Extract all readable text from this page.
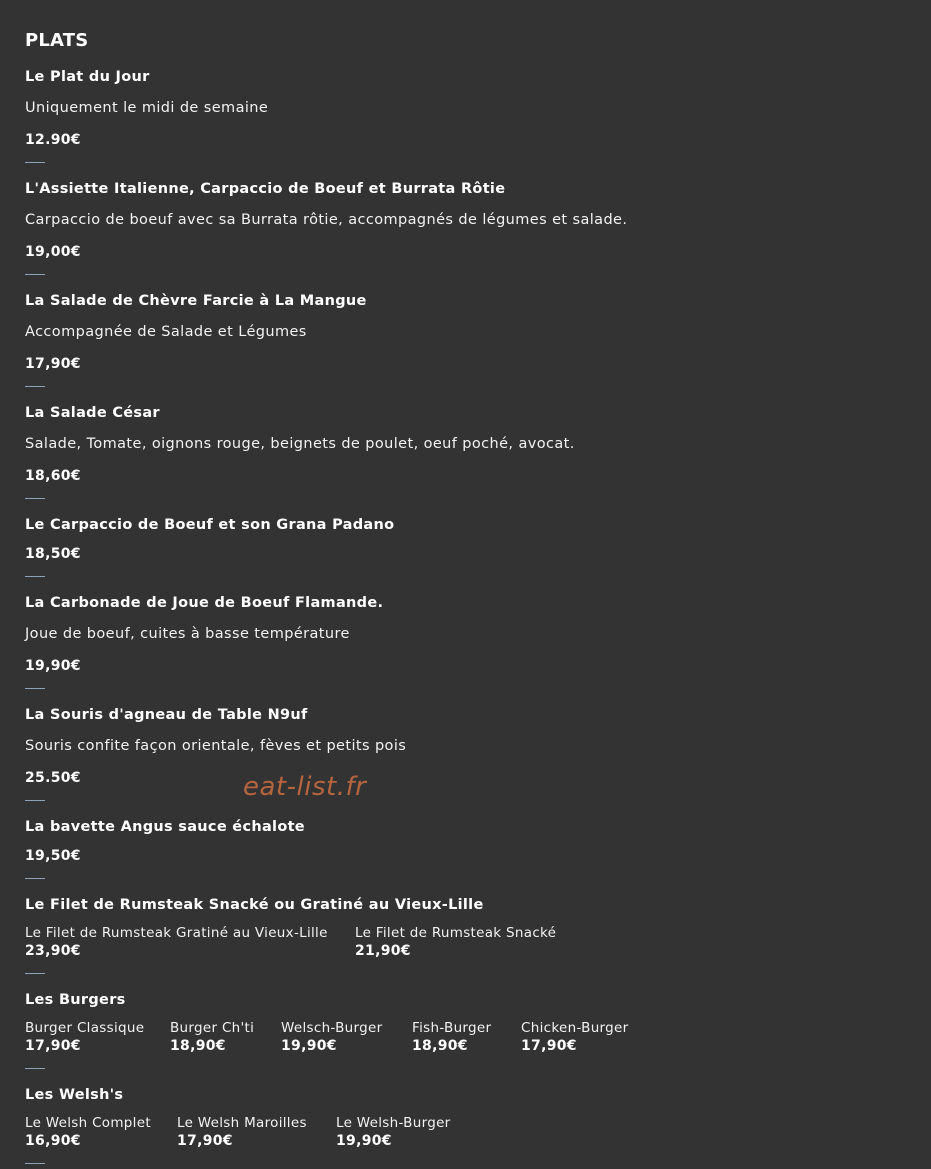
PLATS
Le Plat du Jour
Uniquement le midi de semaine
12.90€
L'Assiette Italienne, Carpaccio de Boeuf et Burrata Rôtie
Carpaccio de boeuf avec sa Burrata rôtie, accompagnés de légumes et salade.
19,00€
La Salade de Chèvre Farcie à La Mangue
Accompagnée de Salade et Légumes
17,90€
La Salade César
Salade, Tomate, oignons rouge, beignets de poulet, oeuf poché, avocat.
18,60€
Le Carpaccio de Boeuf et son Grana Padano
18,50€
La Carbonade de Joue de Boeuf Flamande.
Joue de boeuf, cuites à basse température
19,90€
La Souris d'agneau de Table N9uf
Souris confite façon orientale, fèves et petits pois
25.50€
La bavette Angus sauce échalote
19,50€
Le Filet de Rumsteak Snacké ou Gratiné au Vieux-Lille
Le Filet de Rumsteak Gratiné au Vieux-Lille
23,90€
Le Filet de Rumsteak Snacké
21,90€
Les Burgers
Burger Classique
17,90€
Burger Ch'ti
18,90€
Welsch-Burger
19,90€
Fish-Burger
18,90€
Chicken-Burger
17,90€
Les Welsh's
Le Welsh Complet
16,90€
Le Welsh Maroilles
17,90€
Le Welsh-Burger
19,90€
eat-list.fr
